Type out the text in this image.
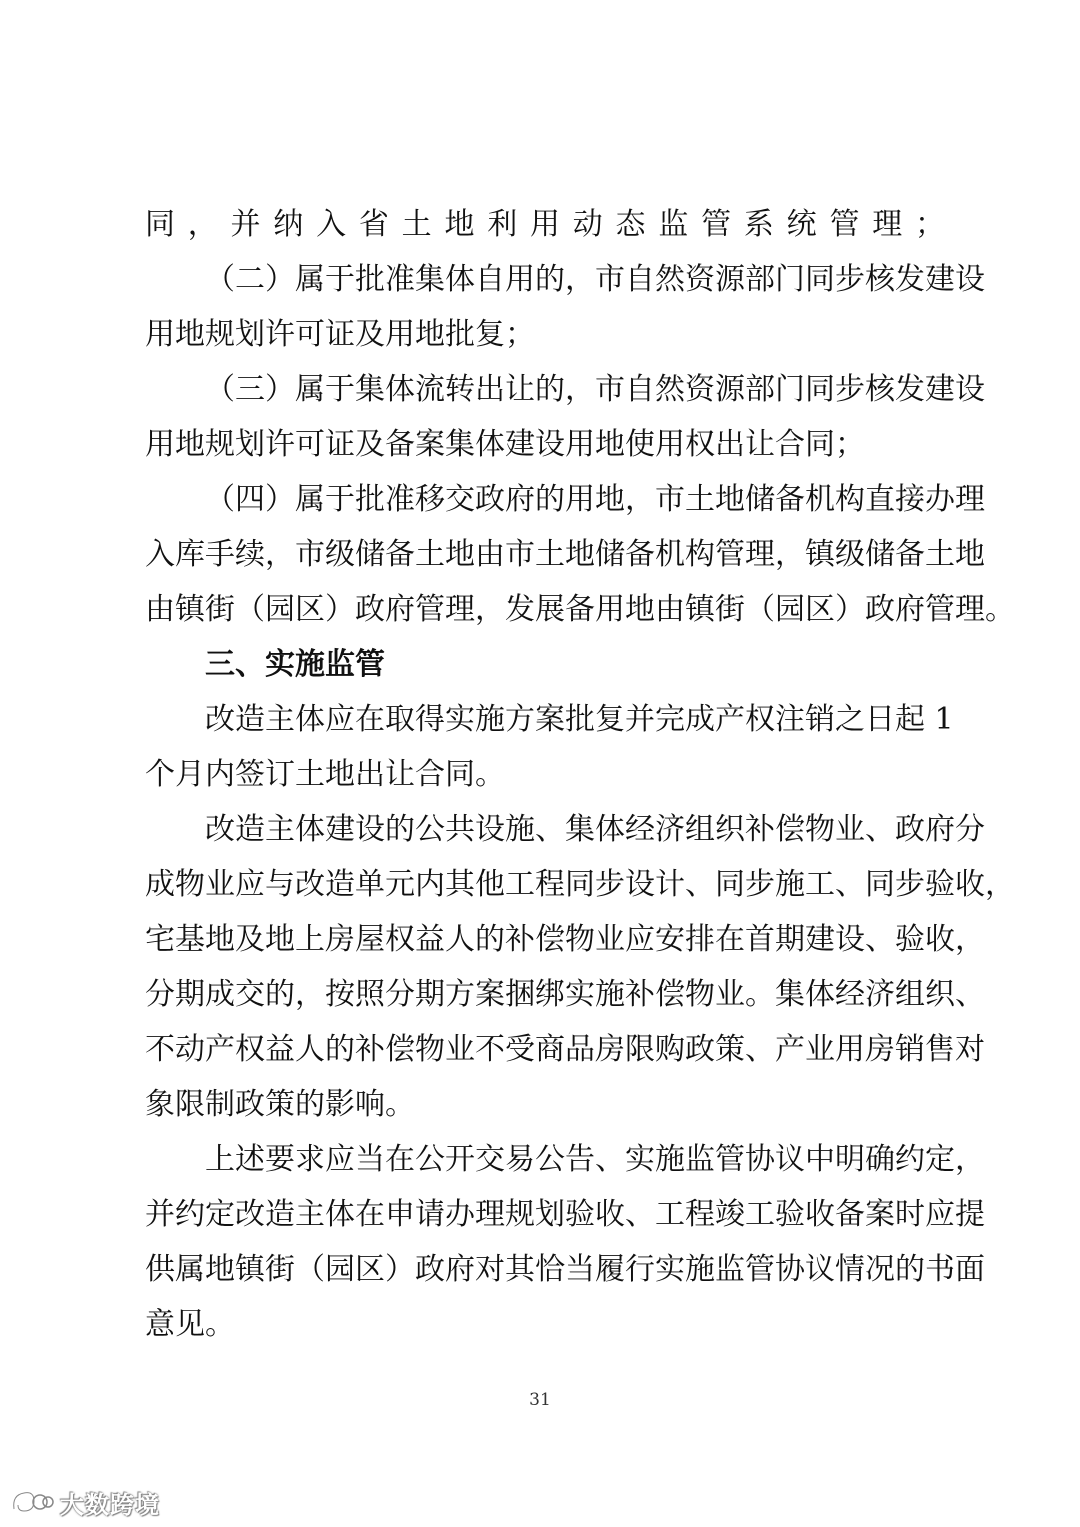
同，并纳入省土地利用动态监管系统管理；
（二）属于批准集体自用的，市自然资源部门同步核发建设
用地规划许可证及用地批复；
（三）属于集体流转出让的，市自然资源部门同步核发建设
用地规划许可证及备案集体建设用地使用权出让合同；
（四）属于批准移交政府的用地，市土地储备机构直接办理
入库手续，市级储备土地由市土地储备机构管理，镇级储备土地
由镇街（园区）政府管理，发展备用地由镇街（园区）政府管理。
三、实施监管
改造主体应在取得实施方案批复并完成产权注销之日起 1
个月内签订土地出让合同。
改造主体建设的公共设施、集体经济组织补偿物业、政府分
成物业应与改造单元内其他工程同步设计、同步施工、同步验收，
宅基地及地上房屋权益人的补偿物业应安排在首期建设、验收，
分期成交的，按照分期方案捆绑实施补偿物业。集体经济组织、
不动产权益人的补偿物业不受商品房限购政策、产业用房销售对
象限制政策的影响。
上述要求应当在公开交易公告、实施监管协议中明确约定，
并约定改造主体在申请办理规划验收、工程竣工验收备案时应提
供属地镇街（园区）政府对其恰当履行实施监管协议情况的书面
意见。
31
大数跨境
